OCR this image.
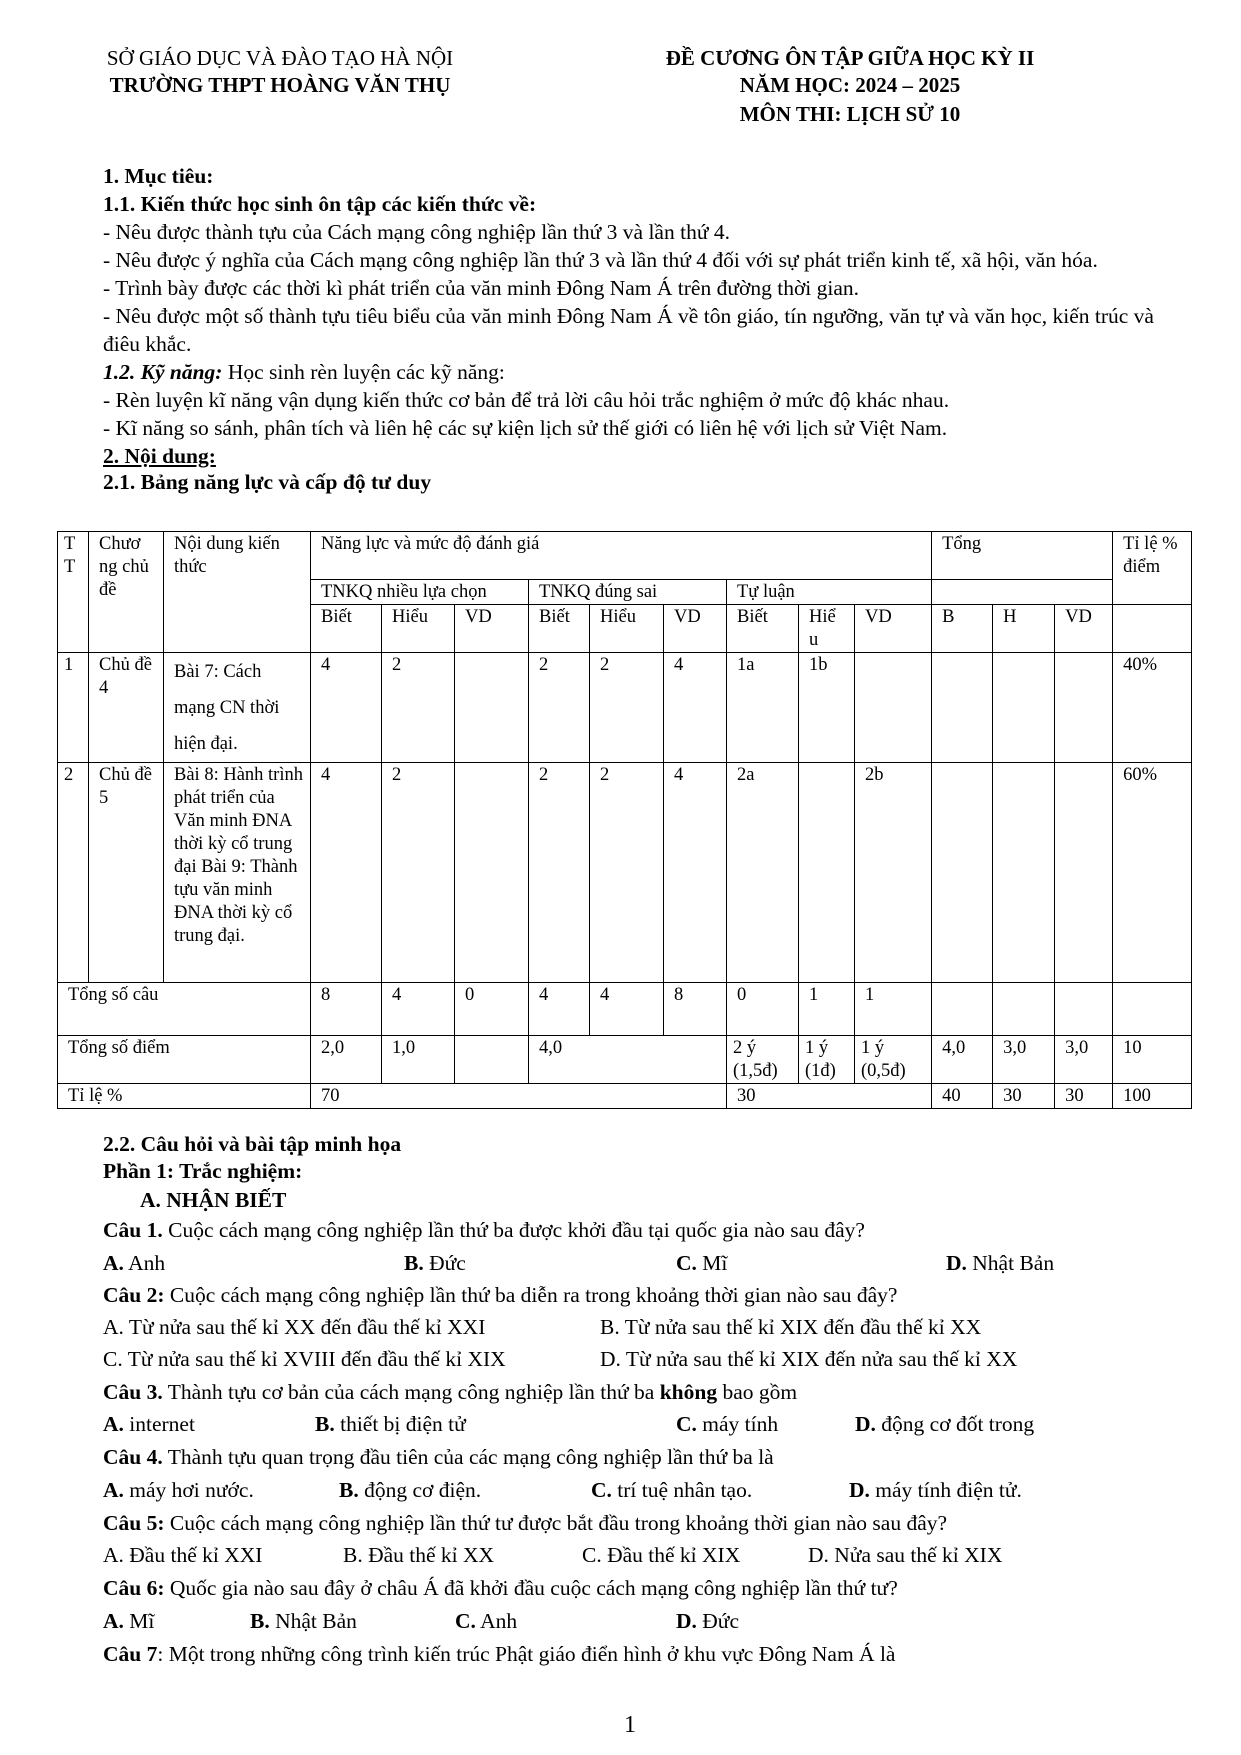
SỞ GIÁO DỤC VÀ ĐÀO TẠO HÀ NỘI
TRƯỜNG THPT HOÀNG VĂN THỤ
ĐỀ CƯƠNG ÔN TẬP GIỮA HỌC KỲ II
NĂM HỌC: 2024 – 2025
MÔN THI: LỊCH SỬ 10

1. Mục tiêu:

1.1. Kiến thức học sinh ôn tập các kiến thức về:

- Nêu được thành tựu của Cách mạng công nghiệp lần thứ 3 và lần thứ 4.

- Nêu được ý nghĩa của Cách mạng công nghiệp lần thứ 3 và lần thứ 4 đối với sự phát triển kinh tế, xã hội, văn hóa.

- Trình bày được các thời kì phát triển của văn minh Đông Nam Á trên đường thời gian.

- Nêu được một số thành tựu tiêu biểu của văn minh Đông Nam Á về tôn giáo, tín ngưỡng, văn tự và văn học, kiến trúc và điêu khắc.

1.2. Kỹ năng: Học sinh rèn luyện các kỹ năng:

- Rèn luyện kĩ năng vận dụng kiến thức cơ bản để trả lời câu hỏi trắc nghiệm ở mức độ khác nhau.

- Kĩ năng so sánh, phân tích và liên hệ các sự kiện lịch sử thế giới có liên hệ với lịch sử Việt Nam.

2. Nội dung:

2.1. Bảng năng lực và cấp độ tư duy

T T	Chươ ng chủ đề	Nội dung kiến thức	Năng lực và mức độ đánh giá									Tổng			Tỉ lệ % điểm
			TNKQ nhiều lựa chọn			TNKQ đúng sai			Tự luận						
			Biết	Hiểu	VD	Biết	Hiểu	VD	Biết	Hiể u	VD	B	H	VD	
1	Chủ đề 4	Bài 7: Cách mạng CN thời hiện đại.	4	2		2	2	4	1a	1b					40%
2	Chủ đề 5	Bài 8: Hành trình phát triển của Văn minh ĐNA thời kỳ cổ trung đại Bài 9: Thành tựu văn minh ĐNA thời kỳ cổ trung đại.	4	2		2	2	4	2a		2b				60%
Tổng số câu			8	4	0	4	4	8	0	1	1				
Tổng số điểm			2,0	1,0		4,0			2 ý (1,5đ)	1 ý (1đ)	1 ý (0,5đ)	4,0	3,0	3,0	10
Tỉ lệ %			70						30			40	30	30	100
2.2. Câu hỏi và bài tập minh họa
Phần 1: Trắc nghiệm:
A. NHẬN BIẾT
Câu 1. Cuộc cách mạng công nghiệp lần thứ ba được khởi đầu tại quốc gia nào sau đây?
A. Anh	B. Đức	C. Mĩ	D. Nhật Bản
Câu 2: Cuộc cách mạng công nghiệp lần thứ ba diễn ra trong khoảng thời gian nào sau đây?
A. Từ nửa sau thế kỉ XX đến đầu thế kỉ XXI	B. Từ nửa sau thế kỉ XIX đến đầu thế kỉ XX
C. Từ nửa sau thế kỉ XVIII đến đầu thế kỉ XIX	D. Từ nửa sau thế kỉ XIX đến nửa sau thế kỉ XX
Câu 3. Thành tựu cơ bản của cách mạng công nghiệp lần thứ ba không bao gồm
A. internet	B. thiết bị điện tử	C. máy tính	D. động cơ đốt trong
Câu 4. Thành tựu quan trọng đầu tiên của các mạng công nghiệp lần thứ ba là
A. máy hơi nước.	B. động cơ điện.	C. trí tuệ nhân tạo.	D. máy tính điện tử.
Câu 5: Cuộc cách mạng công nghiệp lần thứ tư được bắt đầu trong khoảng thời gian nào sau đây?
A. Đầu thế kỉ XXI	B. Đầu thế kỉ XX	C. Đầu thế kỉ XIX	D. Nửa sau thế kỉ XIX
Câu 6: Quốc gia nào sau đây ở châu Á đã khởi đầu cuộc cách mạng công nghiệp lần thứ tư?
A. Mĩ	B. Nhật Bản	C. Anh	D. Đức
Câu 7: Một trong những công trình kiến trúc Phật giáo điển hình ở khu vực Đông Nam Á là
1
